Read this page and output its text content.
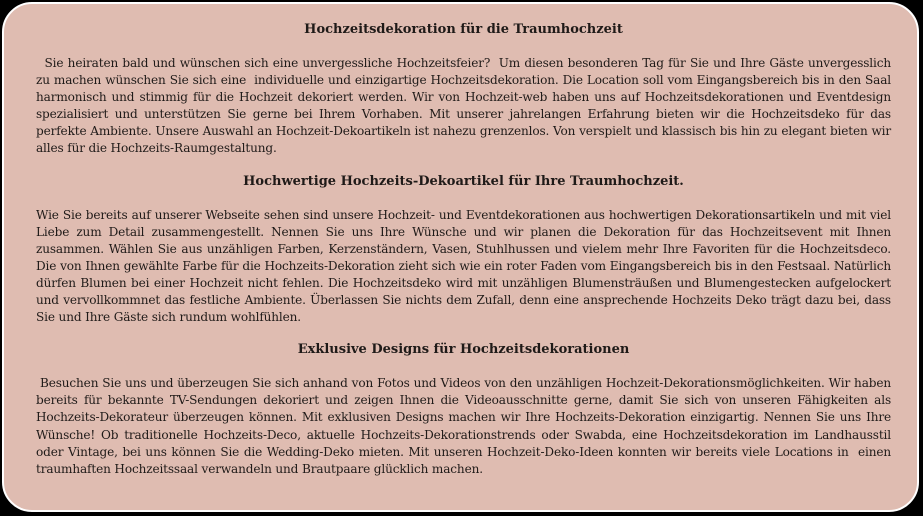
Hochzeitsdekoration für die Traumhochzeit

Sie heiraten bald und wünschen sich eine unvergessliche Hochzeitsfeier?  Um diesen besonderen Tag für Sie und Ihre Gäste unvergesslich zu machen wünschen Sie sich eine  individuelle und einzigartige Hochzeitsdekoration. Die Location soll vom Eingangsbereich bis in den Saal harmonisch und stimmig für die Hochzeit dekoriert werden. Wir von Hochzeit-web haben uns auf Hochzeitsdekorationen und Eventdesign spezialisiert und unterstützen Sie gerne bei Ihrem Vorhaben. Mit unserer jahrelangen Erfahrung bieten wir die Hochzeitsdeko für das perfekte Ambiente. Unsere Auswahl an Hochzeit-Dekoartikeln ist nahezu grenzenlos. Von verspielt und klassisch bis hin zu elegant bieten wir alles für die Hochzeits-Raumgestaltung.

Hochwertige Hochzeits-Dekoartikel für Ihre Traumhochzeit.

Wie Sie bereits auf unserer Webseite sehen sind unsere Hochzeit- und Eventdekorationen aus hochwertigen Dekorationsartikeln und mit viel Liebe zum Detail zusammengestellt. Nennen Sie uns Ihre Wünsche und wir planen die Dekoration für das Hochzeitsevent mit Ihnen zusammen. Wählen Sie aus unzähligen Farben, Kerzenständern, Vasen, Stuhlhussen und vielem mehr Ihre Favoriten für die Hochzeitsdeco. Die von Ihnen gewählte Farbe für die Hochzeits-Dekoration zieht sich wie ein roter Faden vom Eingangsbereich bis in den Festsaal. Natürlich dürfen Blumen bei einer Hochzeit nicht fehlen. Die Hochzeitsdeko wird mit unzähligen Blumensträußen und Blumengestecken aufgelockert und vervollkommnet das festliche Ambiente. Überlassen Sie nichts dem Zufall, denn eine ansprechende Hochzeits Deko trägt dazu bei, dass Sie und Ihre Gäste sich rundum wohlfühlen.

Exklusive Designs für Hochzeitsdekorationen

Besuchen Sie uns und überzeugen Sie sich anhand von Fotos und Videos von den unzähligen Hochzeit-Dekorationsmöglichkeiten. Wir haben bereits für bekannte TV-Sendungen dekoriert und zeigen Ihnen die Videoausschnitte gerne, damit Sie sich von unseren Fähigkeiten als Hochzeits-Dekorateur überzeugen können. Mit exklusiven Designs machen wir Ihre Hochzeits-Dekoration einzigartig. Nennen Sie uns Ihre Wünsche! Ob traditionelle Hochzeits-Deco, aktuelle Hochzeits-Dekorationstrends oder Swabda, eine Hochzeitsdekoration im Landhausstil oder Vintage, bei uns können Sie die Wedding-Deko mieten. Mit unseren Hochzeit-Deko-Ideen konnten wir bereits viele Locations in  einen traumhaften Hochzeitssaal verwandeln und Brautpaare glücklich machen.
